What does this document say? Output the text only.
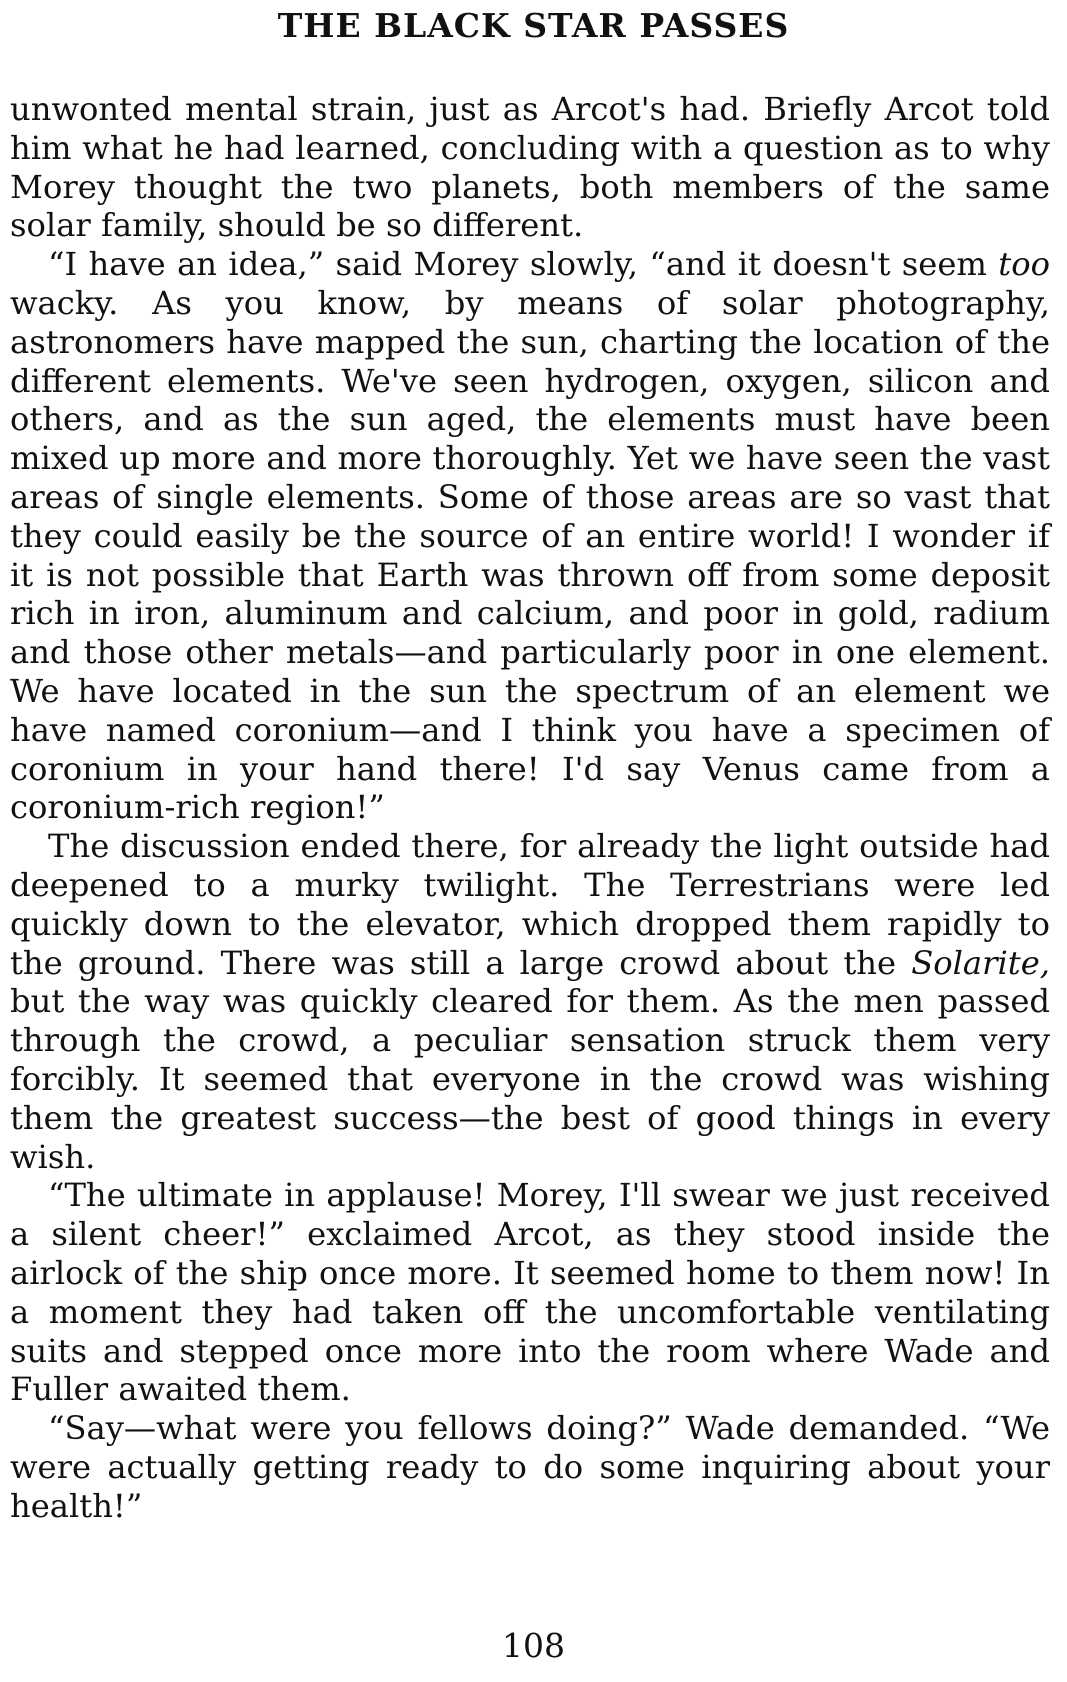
THE BLACK STAR PASSES

unwonted mental strain, just as Arcot's had. Briefly Arcot told him what he had learned, concluding with a question as to why Morey thought the two planets, both members of the same solar family, should be so different.

“I have an idea,” said Morey slowly, “and it doesn't seem too wacky. As you know, by means of solar photography, astronomers have mapped the sun, charting the location of the different elements. We've seen hydrogen, oxygen, silicon and others, and as the sun aged, the elements must have been mixed up more and more thoroughly. Yet we have seen the vast areas of single elements. Some of those areas are so vast that they could easily be the source of an entire world! I wonder if it is not possible that Earth was thrown off from some deposit rich in iron, aluminum and calcium, and poor in gold, radium and those other metals—and particularly poor in one element. We have located in the sun the spectrum of an element we have named coronium—and I think you have a specimen of coronium in your hand there! I'd say Venus came from a coronium-rich region!”

The discussion ended there, for already the light outside had deepened to a murky twilight. The Terrestrians were led quickly down to the elevator, which dropped them rapidly to the ground. There was still a large crowd about the Solarite, but the way was quickly cleared for them. As the men passed through the crowd, a peculiar sensation struck them very forcibly. It seemed that everyone in the crowd was wishing them the greatest success—the best of good things in every wish.

“The ultimate in applause! Morey, I'll swear we just received a silent cheer!” exclaimed Arcot, as they stood inside the airlock of the ship once more. It seemed home to them now! In a moment they had taken off the uncomfortable ventilating suits and stepped once more into the room where Wade and Fuller awaited them.

“Say—what were you fellows doing?” Wade demanded. “We were actually getting ready to do some inquiring about your health!”

108
